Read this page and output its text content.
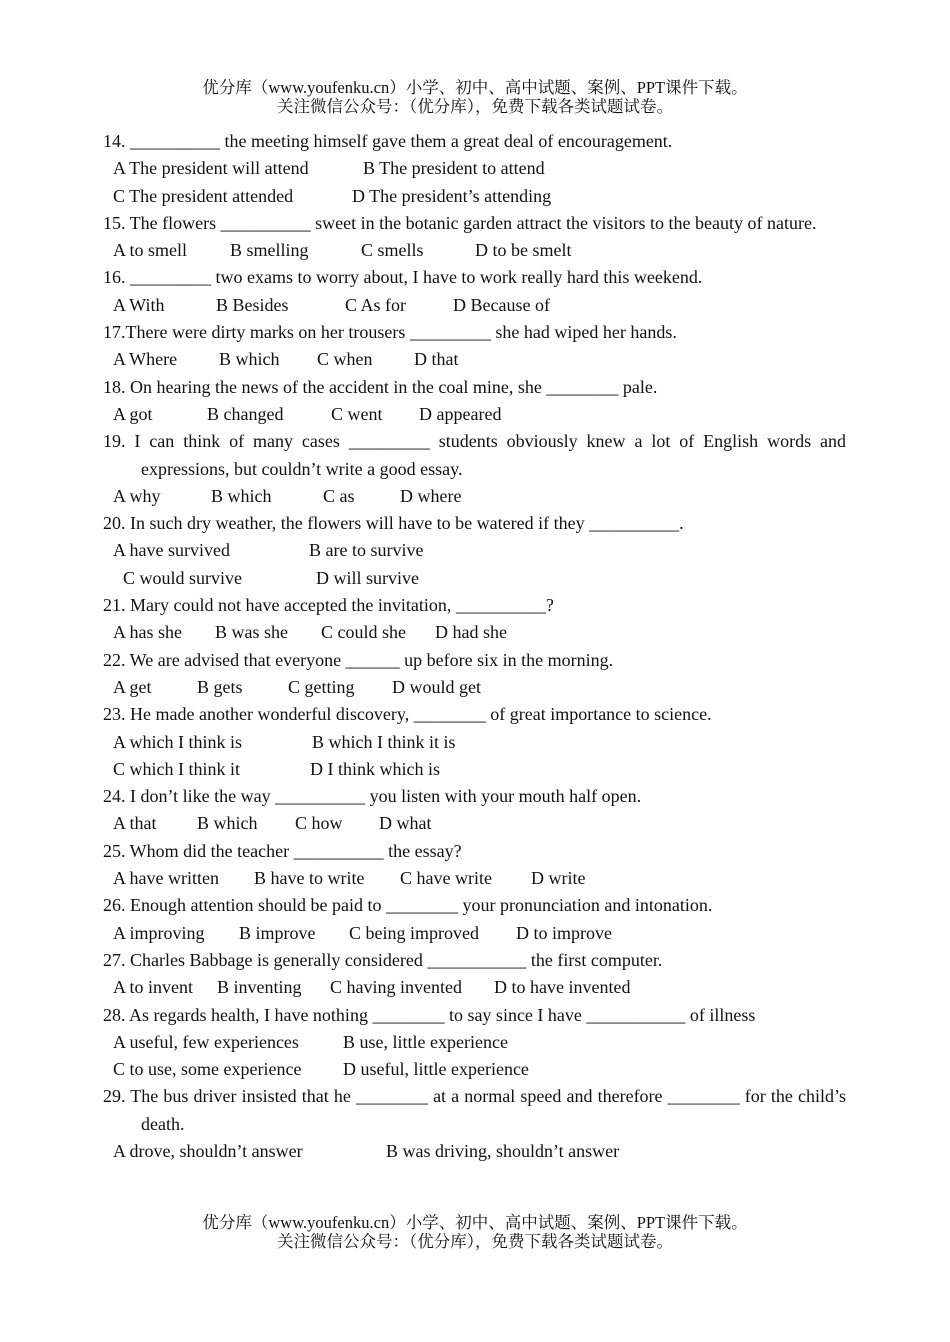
优分库（www.youfenku.cn）小学、初中、高中试题、案例、PPT课件下载。
关注微信公众号：（优分库），免费下载各类试题试卷。
14. __________ the meeting himself gave them a great deal of encouragement.
A The president will attend	B The president to attend
C The president attended	D The president’s attending
15. The flowers __________ sweet in the botanic garden attract the visitors to the beauty of nature.
A to smell B smelling	C smells	D to be smelt
16. _________ two exams to worry about, I have to work really hard this weekend.
A With	B Besides	C As for	D Because of
17.There were dirty marks on her trousers _________ she had wiped her hands.
A Where B which C when D that
18. On hearing the news of the accident in the coal mine, she ________ pale.
A got	B changed	C went D appeared
19. I can think of many cases _________ students obviously knew a lot of English words and expressions, but couldn’t write a good essay.
A why	B which	C as	D where
20. In such dry weather, the flowers will have to be watered if they __________.
A have survived	B are to survive
C would survive	D will survive
21. Mary could not have accepted the invitation, __________?
A has she B was she C could she D had she
22. We are advised that everyone ______ up before six in the morning.
A get	B gets	C getting D would get
23. He made another wonderful discovery, ________ of great importance to science.
A which I think is	B which I think it is
C which I think it	D I think which is
24. I don’t like the way __________ you listen with your mouth half open.
A that B which C how D what
25. Whom did the teacher __________ the essay?
A have written B have to write C have write D write
26. Enough attention should be paid to ________ your pronunciation and intonation.
A improving B improve C being improved D to improve
27. Charles Babbage is generally considered ___________ the first computer.
A to invent B inventing C having invented D to have invented
28. As regards health, I have nothing ________ to say since I have ___________ of illness
A useful, few experiences B use, little experience
C to use, some experience D useful, little experience
29. The bus driver insisted that he ________ at a normal speed and therefore ________ for the child’s death.
A drove, shouldn’t answer	B was driving, shouldn’t answer
优分库（www.youfenku.cn）小学、初中、高中试题、案例、PPT课件下载。
关注微信公众号：（优分库），免费下载各类试题试卷。
